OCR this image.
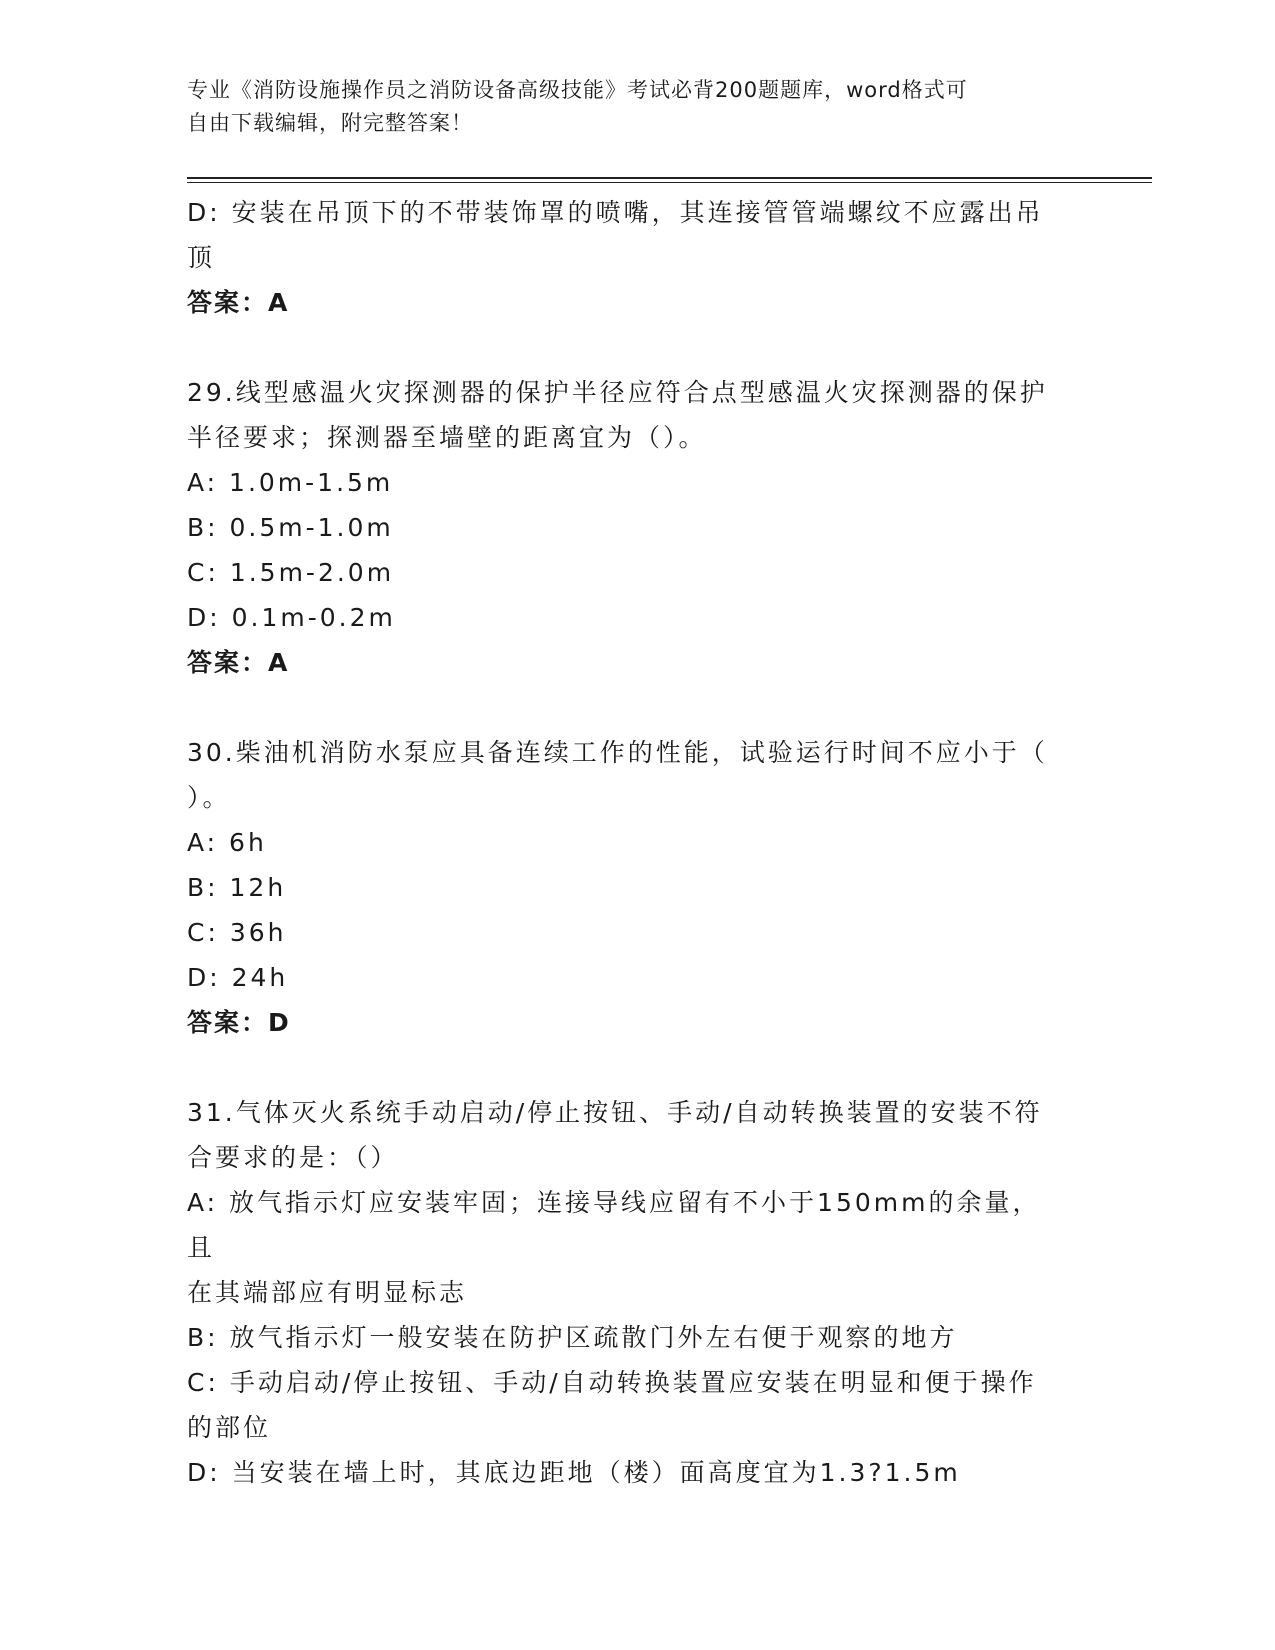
专业《消防设施操作员之消防设备高级技能》考试必背200题题库，word格式可
自由下载编辑，附完整答案！
D: 安装在吊顶下的不带装饰罩的喷嘴，其连接管管端螺纹不应露出吊
顶
答案：A
29.线型感温火灾探测器的保护半径应符合点型感温火灾探测器的保护
半径要求；探测器至墙壁的距离宜为（）。
A: 1.0m-1.5m
B: 0.5m-1.0m
C: 1.5m-2.0m
D: 0.1m-0.2m
答案：A
30.柴油机消防水泵应具备连续工作的性能，试验运行时间不应小于（
）。
A: 6h
B: 12h
C: 36h
D: 24h
答案：D
31.气体灭火系统手动启动/停止按钮、手动/自动转换装置的安装不符
合要求的是：（）
A: 放气指示灯应安装牢固；连接导线应留有不小于150mm的余量，且
在其端部应有明显标志
B: 放气指示灯一般安装在防护区疏散门外左右便于观察的地方
C: 手动启动/停止按钮、手动/自动转换装置应安装在明显和便于操作
的部位
D: 当安装在墙上时，其底边距地（楼）面高度宜为1.3?1.5m
